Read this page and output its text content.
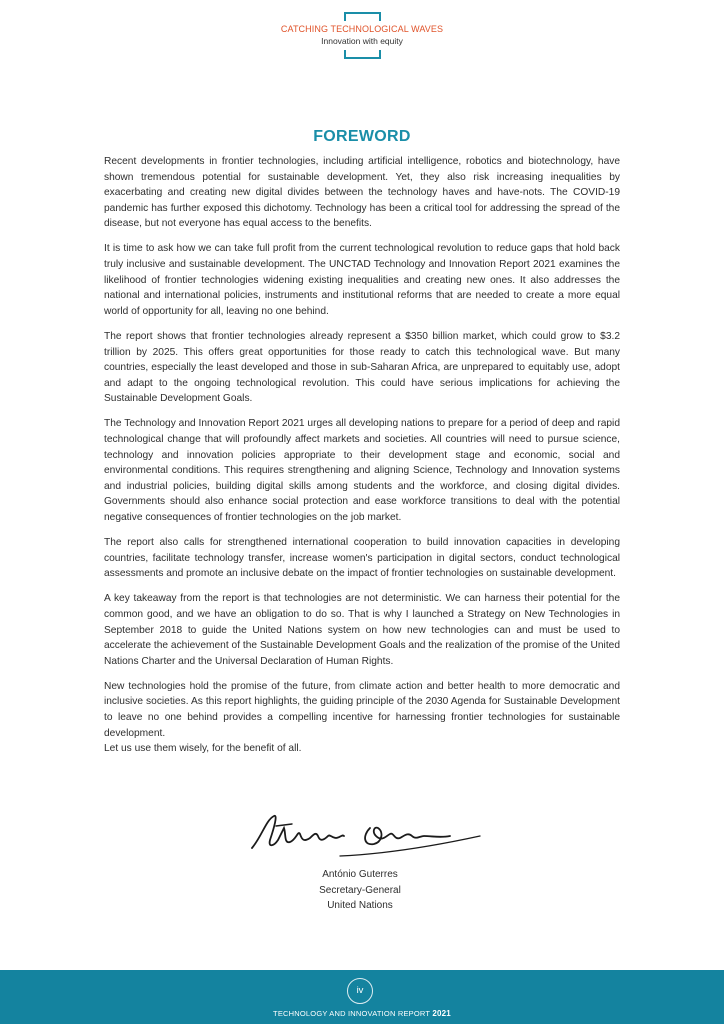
CATCHING TECHNOLOGICAL WAVES
Innovation with equity
FOREWORD

Recent developments in frontier technologies, including artificial intelligence, robotics and biotechnology, have shown tremendous potential for sustainable development. Yet, they also risk increasing inequalities by exacerbating and creating new digital divides between the technology haves and have-nots. The COVID-19 pandemic has further exposed this dichotomy. Technology has been a critical tool for addressing the spread of the disease, but not everyone has equal access to the benefits.

It is time to ask how we can take full profit from the current technological revolution to reduce gaps that hold back truly inclusive and sustainable development. The UNCTAD Technology and Innovation Report 2021 examines the likelihood of frontier technologies widening existing inequalities and creating new ones. It also addresses the national and international policies, instruments and institutional reforms that are needed to create a more equal world of opportunity for all, leaving no one behind.

The report shows that frontier technologies already represent a $350 billion market, which could grow to $3.2 trillion by 2025. This offers great opportunities for those ready to catch this technological wave. But many countries, especially the least developed and those in sub-Saharan Africa, are unprepared to equitably use, adopt and adapt to the ongoing technological revolution. This could have serious implications for achieving the Sustainable Development Goals.

The Technology and Innovation Report 2021 urges all developing nations to prepare for a period of deep and rapid technological change that will profoundly affect markets and societies. All countries will need to pursue science, technology and innovation policies appropriate to their development stage and economic, social and environmental conditions. This requires strengthening and aligning Science, Technology and Innovation systems and industrial policies, building digital skills among students and the workforce, and closing digital divides. Governments should also enhance social protection and ease workforce transitions to deal with the potential negative consequences of frontier technologies on the job market.

The report also calls for strengthened international cooperation to build innovation capacities in developing countries, facilitate technology transfer, increase women's participation in digital sectors, conduct technological assessments and promote an inclusive debate on the impact of frontier technologies on sustainable development.

A key takeaway from the report is that technologies are not deterministic. We can harness their potential for the common good, and we have an obligation to do so. That is why I launched a Strategy on New Technologies in September 2018 to guide the United Nations system on how new technologies can and must be used to accelerate the achievement of the Sustainable Development Goals and the realization of the promise of the United Nations Charter and the Universal Declaration of Human Rights.

New technologies hold the promise of the future, from climate action and better health to more democratic and inclusive societies. As this report highlights, the guiding principle of the 2030 Agenda for Sustainable Development to leave no one behind provides a compelling incentive for harnessing frontier technologies for sustainable development.

Let us use them wisely, for the benefit of all.

António Guterres
Secretary-General
United Nations
iv
TECHNOLOGY AND INNOVATION REPORT 2021
